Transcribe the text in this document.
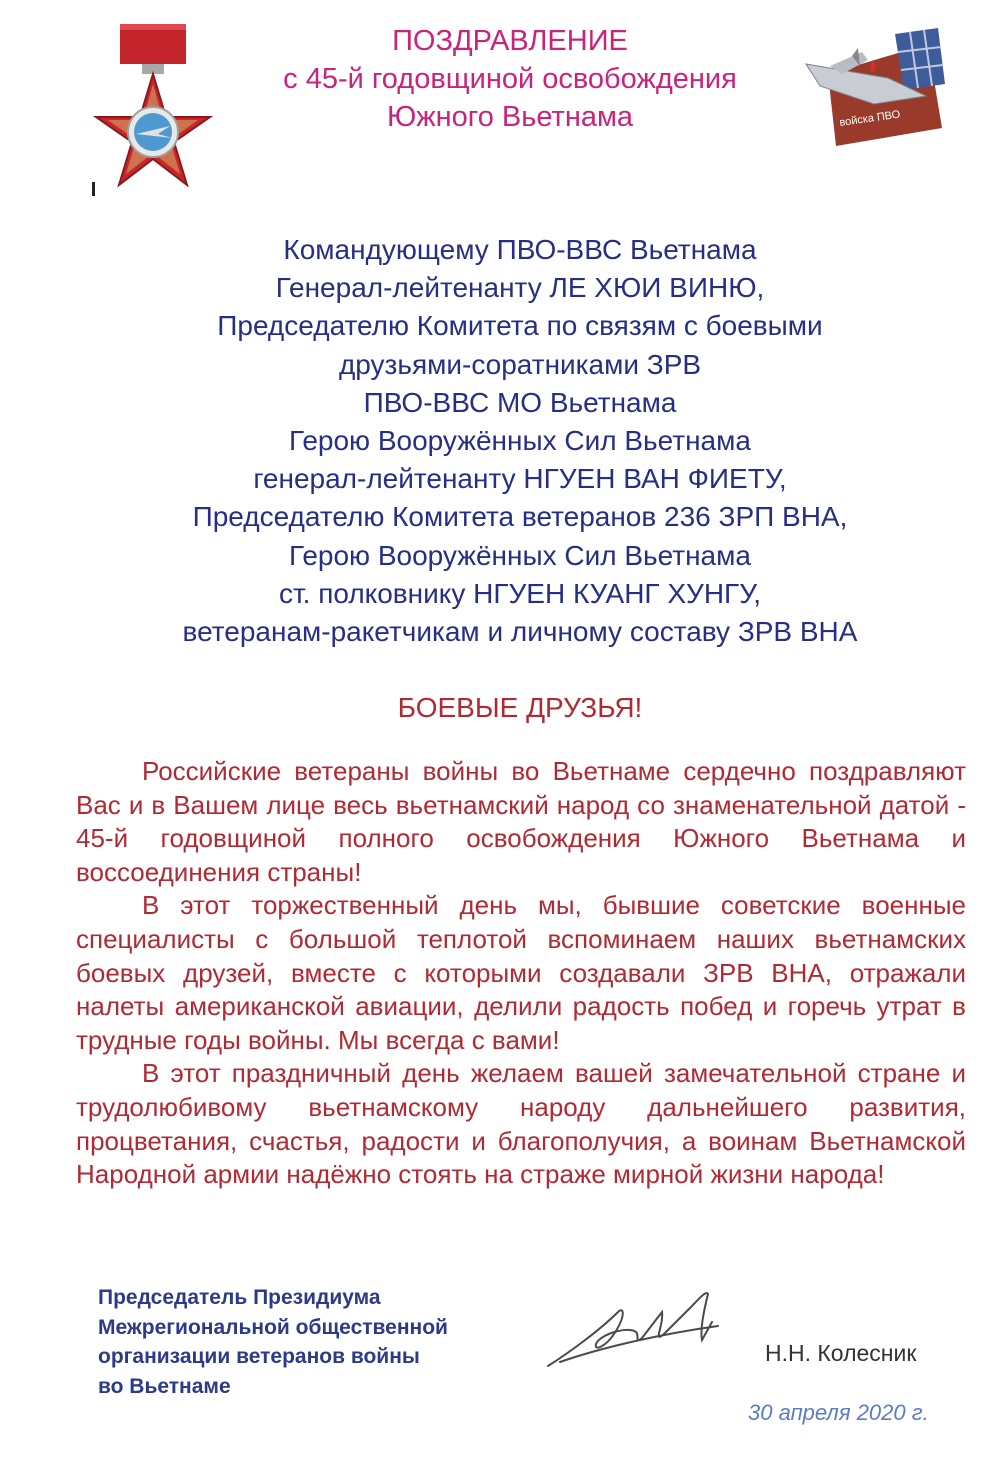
ПОЗДРАВЛЕНИЕ
с 45-й годовщиной освобождения
Южного Вьетнама	войска ПВО
Командующему ПВО-ВВС Вьетнама
Генерал-лейтенанту ЛЕ ХЮИ ВИНЮ,
Председателю Комитета по связям с боевыми
друзьями-соратниками ЗРВ
ПВО-ВВС МО Вьетнама
Герою Вооружённых Сил Вьетнама
генерал-лейтенанту НГУЕН ВАН ФИЕТУ,
Председателю Комитета ветеранов 236 ЗРП ВНА,
Герою Вооружённых Сил Вьетнама
ст. полковнику НГУЕН КУАНГ ХУНГУ,
ветеранам-ракетчикам и личному составу ЗРВ ВНА
БОЕВЫЕ ДРУЗЬЯ!

Российские ветераны войны во Вьетнаме сердечно поздравляют Вас и в Вашем лице весь вьетнамский народ со знаменательной датой - 45-й годовщиной полного освобождения Южного Вьетнама и воссоединения страны!

В этот торжественный день мы, бывшие советские военные специалисты с большой теплотой вспоминаем наших вьетнамских боевых друзей, вместе с которыми создавали ЗРВ ВНА, отражали налеты американской авиации, делили радость побед и горечь утрат в трудные годы войны. Мы всегда с вами!

В этот праздничный день желаем вашей замечательной стране и трудолюбивому вьетнамскому народу дальнейшего развития, процветания, счастья, радости и благополучия, а воинам Вьетнамской Народной армии надёжно стоять на страже мирной жизни народа!

Председатель Президиума
Межрегиональной общественной
организации ветеранов войны
во Вьетнаме
Н.Н. Колесник
30 апреля 2020 г.
